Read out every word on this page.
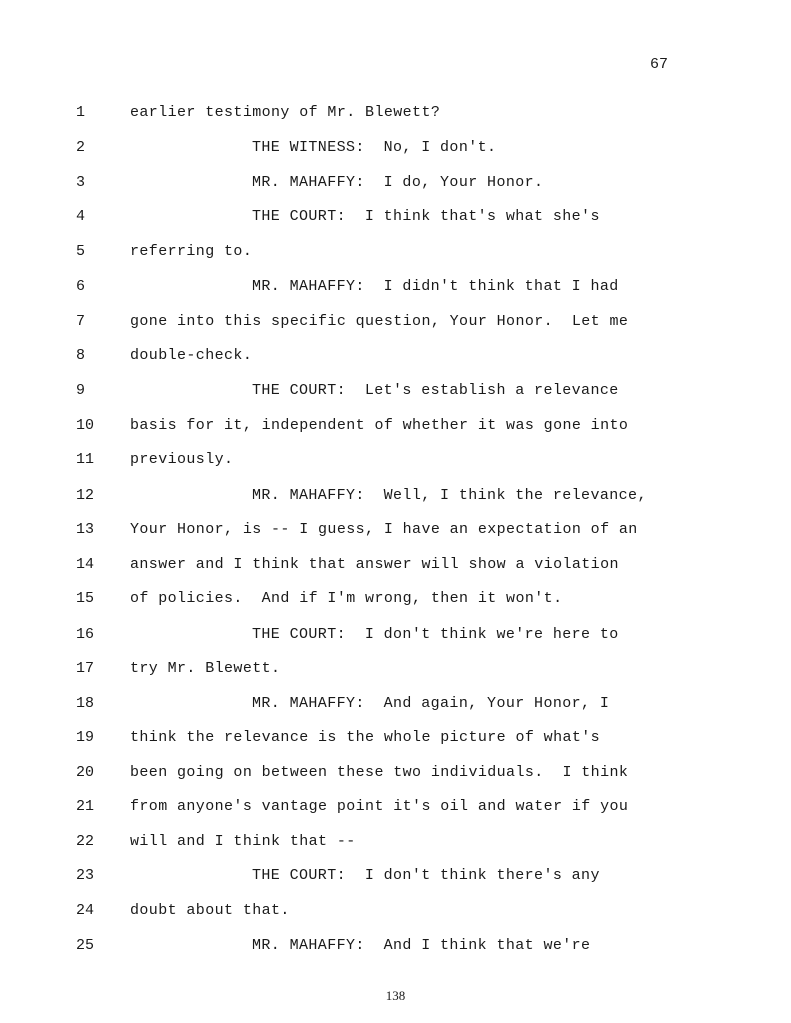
67
1	earlier testimony of Mr. Blewett?
2	THE WITNESS:  No, I don't.
3	MR. MAHAFFY:  I do, Your Honor.
4	THE COURT:  I think that's what she's
5	referring to.
6	MR. MAHAFFY:  I didn't think that I had
7	gone into this specific question, Your Honor.  Let me
8	double-check.
9	THE COURT:  Let's establish a relevance
10	basis for it, independent of whether it was gone into
11	previously.
12	MR. MAHAFFY:  Well, I think the relevance,
13	Your Honor, is -- I guess, I have an expectation of an
14	answer and I think that answer will show a violation
15	of policies.  And if I'm wrong, then it won't.
16	THE COURT:  I don't think we're here to
17	try Mr. Blewett.
18	MR. MAHAFFY:  And again, Your Honor, I
19	think the relevance is the whole picture of what's
20	been going on between these two individuals.  I think
21	from anyone's vantage point it's oil and water if you
22	will and I think that --
23	THE COURT:  I don't think there's any
24	doubt about that.
25	MR. MAHAFFY:  And I think that we're
138
